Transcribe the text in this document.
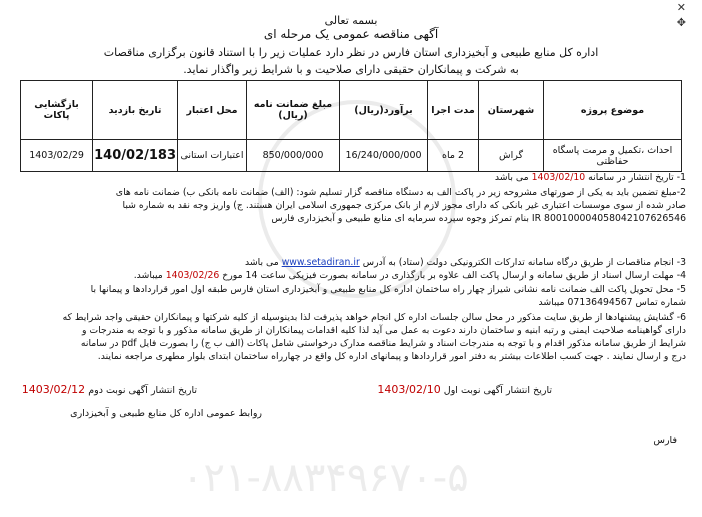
✕
✥
۰۲۱-۸۸۳۴۹۶۷۰-۵
بسمه تعالی
آگهی مناقصه عمومی یک مرحله ای
اداره کل منابع طبیعی و آبخیزداری استان فارس در نظر دارد عملیات زیر را با استناد قانون برگزاری مناقصات
به شرکت و پیمانکاران حقیقی دارای صلاحیت و با شرایط زیر واگذار نماید.
موضوع پروژه	شهرستان	مدت اجرا	برآورد(ریال)	مبلغ ضمانت نامه (ریال)	محل اعتبار	تاریخ بازدید	بازگشایی پاکات
احداث ،تکمیل و مرمت پاسگاه حفاظتی	گراش	2 ماه	16/240/000/000	850/000/000	اعتبارات استانی	140/02/183	1403/02/29
1- تاریخ انتشار در سامانه 1403/02/10 می باشد
2-مبلغ تضمین باید به یکی از صورتهای مشروحه زیر در پاکت الف به دستگاه مناقصه گزار تسلیم شود: (الف) ضمانت نامه بانکی ب) ضمانت نامه های
صادر شده از سوی موسسات اعتباری غیر بانکی که دارای مجوز لازم از بانک مرکزی جمهوری اسلامی ایران هستند. ج) واریز وجه نقد به شماره شبا
IR 800100004058042107626546 بنام تمرکز وجوه سپرده سرمایه ای منابع طبیعی و آبخیزداری فارس
3- انجام مناقصات از طریق درگاه سامانه تدارکات الکترونیکی دولت (ستاد) به آدرس www.setadiran.ir می باشد
4- مهلت ارسال اسناد از طریق سامانه و ارسال پاکت الف علاوه بر بارگذاری در سامانه بصورت فیزیکی ساعت 14 مورخ 1403/02/26 میباشد.
5- محل تحویل پاکت الف ضمانت نامه نشانی شیراز چهار راه ساختمان اداره کل منابع طبیعی و آبخیزداری استان فارس طبقه اول امور قراردادها و پیمانها با
شماره تماس 07136494567 میباشد
6- گشایش پیشنهادها از طریق سایت مذکور در محل سالن جلسات اداره کل انجام خواهد پذیرفت لذا بدینوسیله از کلیه شرکتها و پیمانکاران حقیقی واجد شرایط که
دارای گواهینامه صلاحیت ایمنی و رتبه ابنیه و ساختمان دارند دعوت به عمل می آید لذا کلیه اقدامات پیمانکاران از طریق سامانه مذکور و با توجه به مندرجات و
شرایط از طریق سامانه مذکور اقدام و با توجه به مندرجات اسناد و شرایط مناقصه مدارک درخواستی شامل پاکات (الف ب ج) را بصورت فایل pdf در سامانه
درج و ارسال نمایند . جهت کسب اطلاعات بیشتر به دفتر امور قراردادها و پیمانهای اداره کل واقع در چهارراه ساختمان ابتدای بلوار مطهری مراجعه نمایند.
تاریخ انتشار آگهی نوبت اول 1403/02/10
تاریخ انتشار آگهی نوبت دوم 1403/02/12
روابط عمومی اداره کل منابع طبیعی و آبخیزداری
فارس
